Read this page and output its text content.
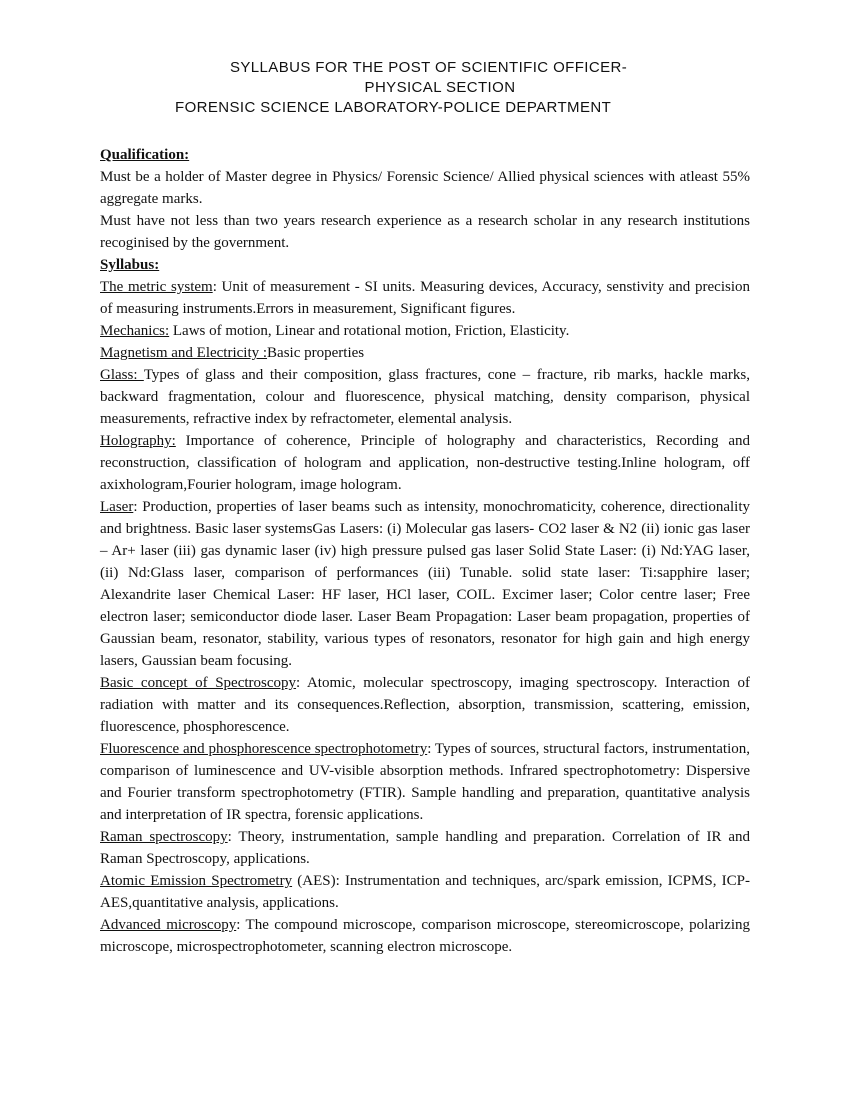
SYLLABUS FOR THE POST OF SCIENTIFIC OFFICER-
PHYSICAL SECTION
FORENSIC SCIENCE LABORATORY-POLICE DEPARTMENT

Qualification:

Must be a holder of Master degree in Physics/ Forensic Science/ Allied physical sciences with atleast 55% aggregate marks.

Must have not less than two years research experience as a research scholar in any research institutions recoginised by the government.

Syllabus:

The metric system: Unit of measurement - SI units. Measuring devices, Accuracy, senstivity and precision of measuring instruments.Errors in measurement, Significant figures.

Mechanics: Laws of motion, Linear and rotational motion, Friction, Elasticity.

Magnetism and Electricity :Basic properties

Glass: Types of glass and their composition, glass fractures, cone – fracture, rib marks, hackle marks, backward fragmentation, colour and fluorescence, physical matching, density comparison, physical measurements, refractive index by refractometer, elemental analysis.

Holography: Importance of coherence, Principle of holography and characteristics, Recording and reconstruction, classification of hologram and application, non-destructive testing.Inline hologram, off axixhologram,Fourier hologram, image hologram.

Laser: Production, properties of laser beams such as intensity, monochromaticity, coherence, directionality and brightness. Basic laser systemsGas Lasers: (i) Molecular gas lasers- CO2 laser & N2 (ii) ionic gas laser – Ar+ laser (iii) gas dynamic laser (iv) high pressure pulsed gas laser Solid State Laser: (i) Nd:YAG laser, (ii) Nd:Glass laser, comparison of performances (iii) Tunable. solid state laser: Ti:sapphire laser; Alexandrite laser Chemical Laser: HF laser, HCl laser, COIL. Excimer laser; Color centre laser; Free electron laser; semiconductor diode laser. Laser Beam Propagation: Laser beam propagation, properties of Gaussian beam, resonator, stability, various types of resonators, resonator for high gain and high energy lasers, Gaussian beam focusing.

Basic concept of Spectroscopy: Atomic, molecular spectroscopy, imaging spectroscopy. Interaction of radiation with matter and its consequences.Reflection, absorption, transmission, scattering, emission, fluorescence, phosphorescence.

Fluorescence and phosphorescence spectrophotometry: Types of sources, structural factors, instrumentation, comparison of luminescence and UV-visible absorption methods. Infrared spectrophotometry: Dispersive and Fourier transform spectrophotometry (FTIR). Sample handling and preparation, quantitative analysis and interpretation of IR spectra, forensic applications.

Raman spectroscopy: Theory, instrumentation, sample handling and preparation. Correlation of IR and Raman Spectroscopy, applications.

Atomic Emission Spectrometry (AES): Instrumentation and techniques, arc/spark emission, ICPMS, ICP-AES,quantitative analysis, applications.

Advanced microscopy: The compound microscope, comparison microscope, stereomicroscope, polarizing microscope, microspectrophotometer, scanning electron microscope.
